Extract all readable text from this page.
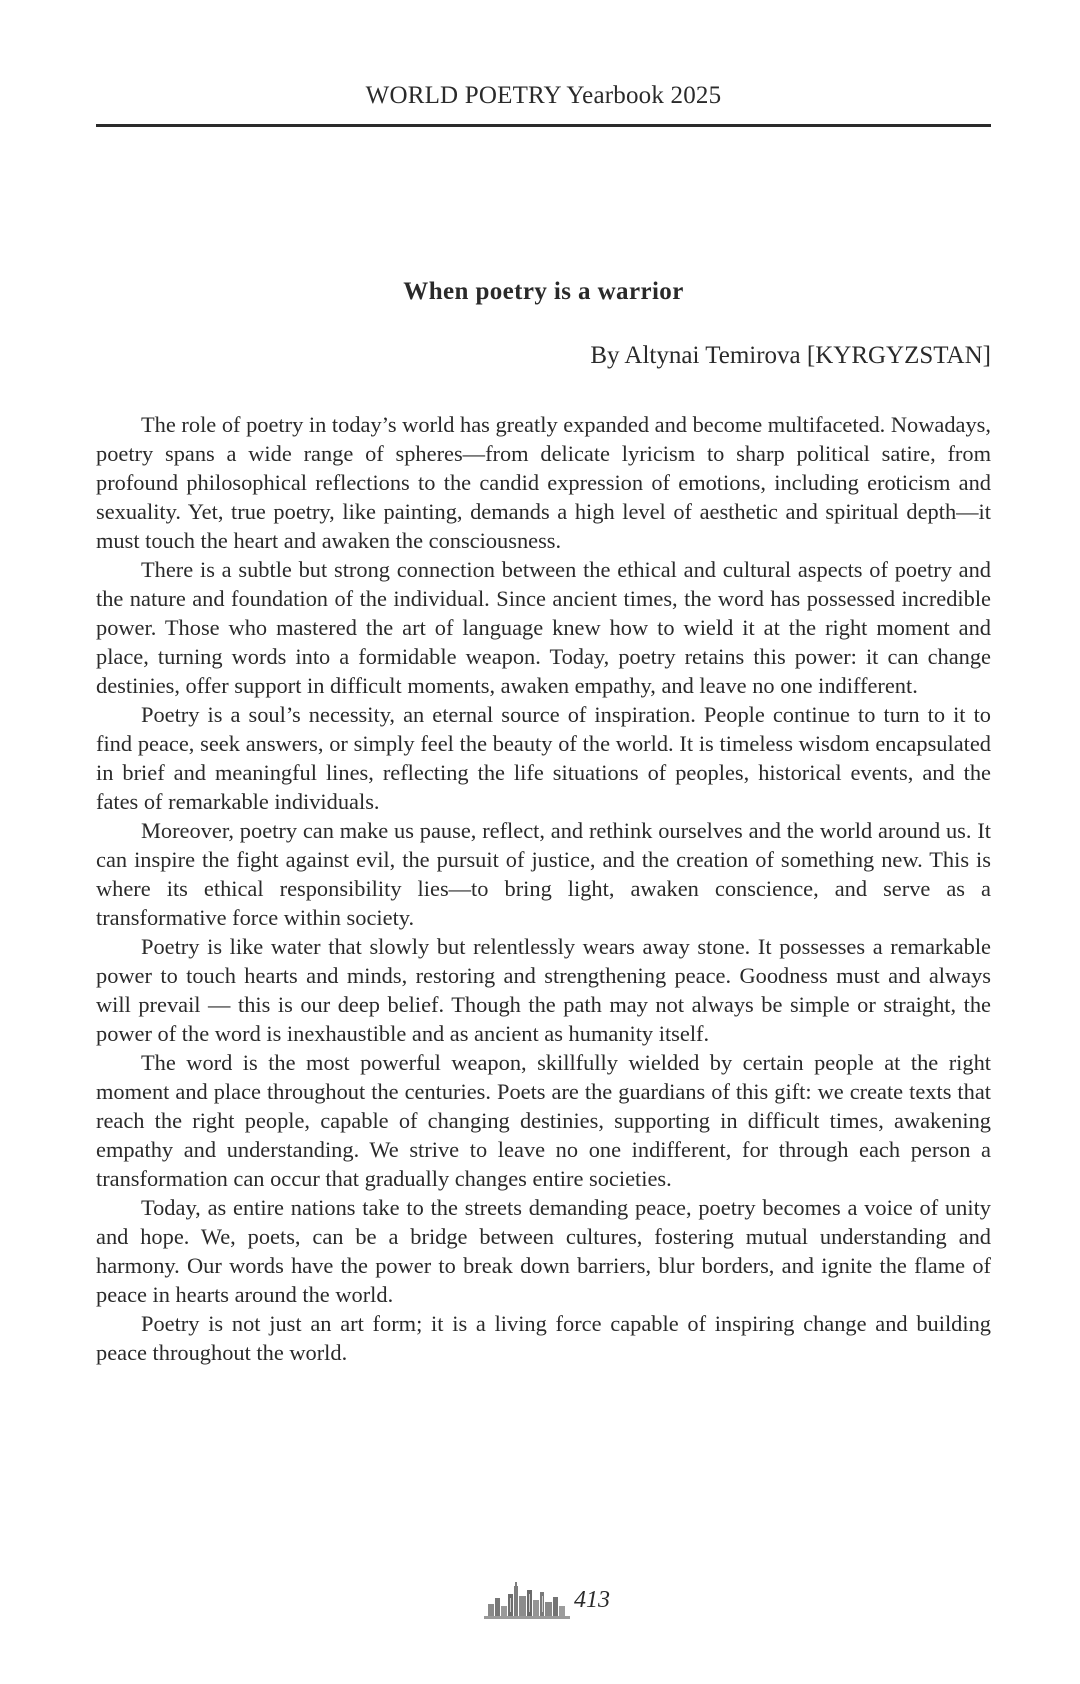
WORLD POETRY Yearbook 2025
When poetry is a warrior
By Altynai Temirova [KYRGYZSTAN]

The role of poetry in today’s world has greatly expanded and become multifaceted. Nowadays, poetry spans a wide range of spheres—from delicate lyricism to sharp political satire, from profound philosophical reflections to the candid expression of emotions, including eroticism and sexuality. Yet, true poetry, like painting, demands a high level of aesthetic and spiritual depth—it must touch the heart and awaken the consciousness.

There is a subtle but strong connection between the ethical and cultural aspects of poetry and the nature and foundation of the individual. Since ancient times, the word has possessed incredible power. Those who mastered the art of language knew how to wield it at the right moment and place, turning words into a formidable weapon. Today, poetry retains this power: it can change destinies, offer support in difficult moments, awaken empathy, and leave no one indifferent.

Poetry is a soul’s necessity, an eternal source of inspiration. People continue to turn to it to find peace, seek answers, or simply feel the beauty of the world. It is timeless wisdom encapsulated in brief and meaningful lines, reflecting the life situations of peoples, historical events, and the fates of remarkable individuals.

Moreover, poetry can make us pause, reflect, and rethink ourselves and the world around us. It can inspire the fight against evil, the pursuit of justice, and the creation of something new. This is where its ethical responsibility lies—to bring light, awaken conscience, and serve as a transformative force within society.

Poetry is like water that slowly but relentlessly wears away stone. It possesses a remarkable power to touch hearts and minds, restoring and strengthening peace. Goodness must and always will prevail — this is our deep belief. Though the path may not always be simple or straight, the power of the word is inexhaustible and as ancient as humanity itself.

The word is the most powerful weapon, skillfully wielded by certain people at the right moment and place throughout the centuries. Poets are the guardians of this gift: we create texts that reach the right people, capable of changing destinies, supporting in difficult times, awakening empathy and understanding. We strive to leave no one indifferent, for through each person a transformation can occur that gradually changes entire societies.

Today, as entire nations take to the streets demanding peace, poetry becomes a voice of unity and hope. We, poets, can be a bridge between cultures, fostering mutual understanding and harmony. Our words have the power to break down barriers, blur borders, and ignite the flame of peace in hearts around the world.

Poetry is not just an art form; it is a living force capable of inspiring change and building peace throughout the world.

413
